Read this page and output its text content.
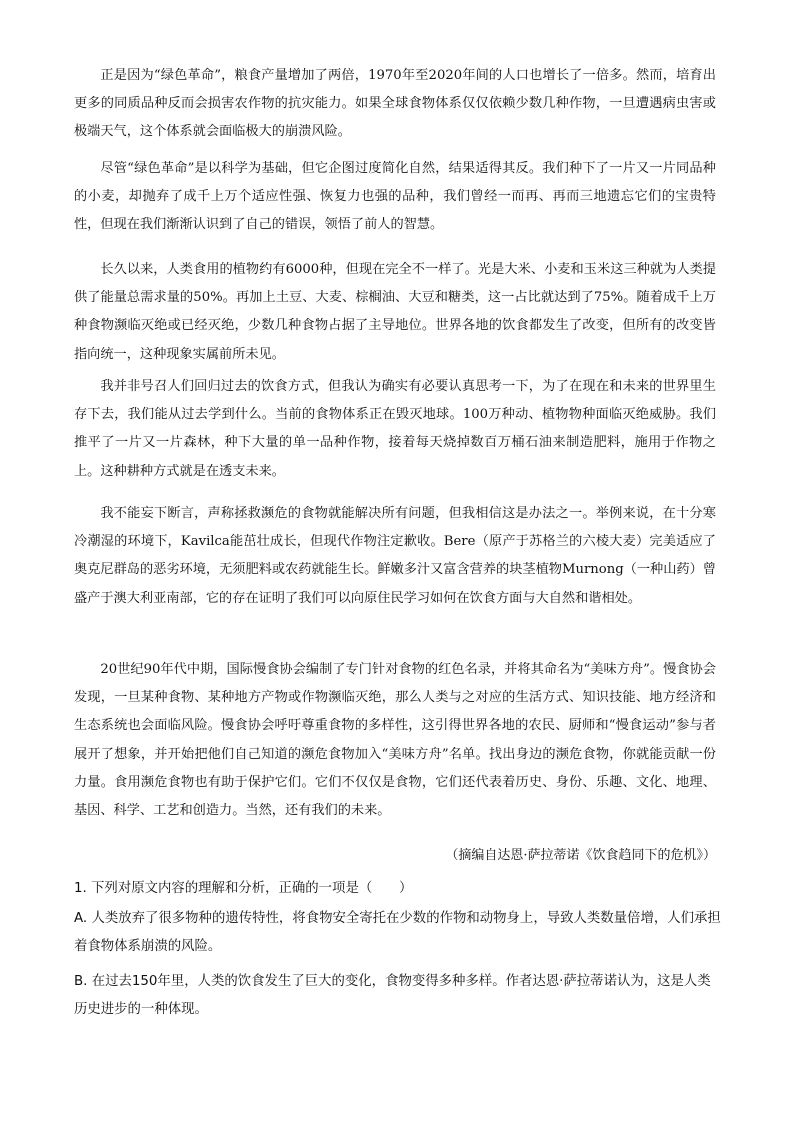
正是因为“绿色革命”，粮食产量增加了两倍，1970年至2020年间的人口也增长了一倍多。然而，培育出更多的同质品种反而会损害农作物的抗灾能力。如果全球食物体系仅仅依赖少数几种作物，一旦遭遇病虫害或极端天气，这个体系就会面临极大的崩溃风险。

尽管“绿色革命”是以科学为基础，但它企图过度简化自然，结果适得其反。我们种下了一片又一片同品种的小麦，却抛弃了成千上万个适应性强、恢复力也强的品种，我们曾经一而再、再而三地遗忘它们的宝贵特性，但现在我们渐渐认识到了自己的错误，领悟了前人的智慧。

长久以来，人类食用的植物约有6000种，但现在完全不一样了。光是大米、小麦和玉米这三种就为人类提供了能量总需求量的50%。再加上土豆、大麦、棕榈油、大豆和糖类，这一占比就达到了75%。随着成千上万种食物濒临灭绝或已经灭绝，少数几种食物占据了主导地位。世界各地的饮食都发生了改变，但所有的改变皆指向统一，这种现象实属前所未见。

我并非号召人们回归过去的饮食方式，但我认为确实有必要认真思考一下，为了在现在和未来的世界里生存下去，我们能从过去学到什么。当前的食物体系正在毁灭地球。100万种动、植物物种面临灭绝威胁。我们推平了一片又一片森林，种下大量的单一品种作物，接着每天烧掉数百万桶石油来制造肥料，施用于作物之上。这种耕种方式就是在透支未来。

我不能妄下断言，声称拯救濒危的食物就能解决所有问题，但我相信这是办法之一。举例来说，在十分寒冷潮湿的环境下，Kavilca能茁壮成长，但现代作物注定歉收。Bere（原产于苏格兰的六棱大麦）完美适应了奥克尼群岛的恶劣环境，无须肥料或农药就能生长。鲜嫩多汁又富含营养的块茎植物Murnong（一种山药）曾盛产于澳大利亚南部，它的存在证明了我们可以向原住民学习如何在饮食方面与大自然和谐相处。

20世纪90年代中期，国际慢食协会编制了专门针对食物的红色名录，并将其命名为“美味方舟”。慢食协会发现，一旦某种食物、某种地方产物或作物濒临灭绝，那么人类与之对应的生活方式、知识技能、地方经济和生态系统也会面临风险。慢食协会呼吁尊重食物的多样性，这引得世界各地的农民、厨师和“慢食运动”参与者展开了想象，并开始把他们自己知道的濒危食物加入“美味方舟”名单。找出身边的濒危食物，你就能贡献一份力量。食用濒危食物也有助于保护它们。它们不仅仅是食物，它们还代表着历史、身份、乐趣、文化、地理、基因、科学、工艺和创造力。当然，还有我们的未来。

（摘编自达恩·萨拉蒂诺《饮食趋同下的危机》）

1. 下列对原文内容的理解和分析，正确的一项是（　　）

A. 人类放弃了很多物种的遗传特性，将食物安全寄托在少数的作物和动物身上，导致人类数量倍增，人们承担着食物体系崩溃的风险。

B. 在过去150年里，人类的饮食发生了巨大的变化，食物变得多种多样。作者达恩·萨拉蒂诺认为，这是人类历史进步的一种体现。
